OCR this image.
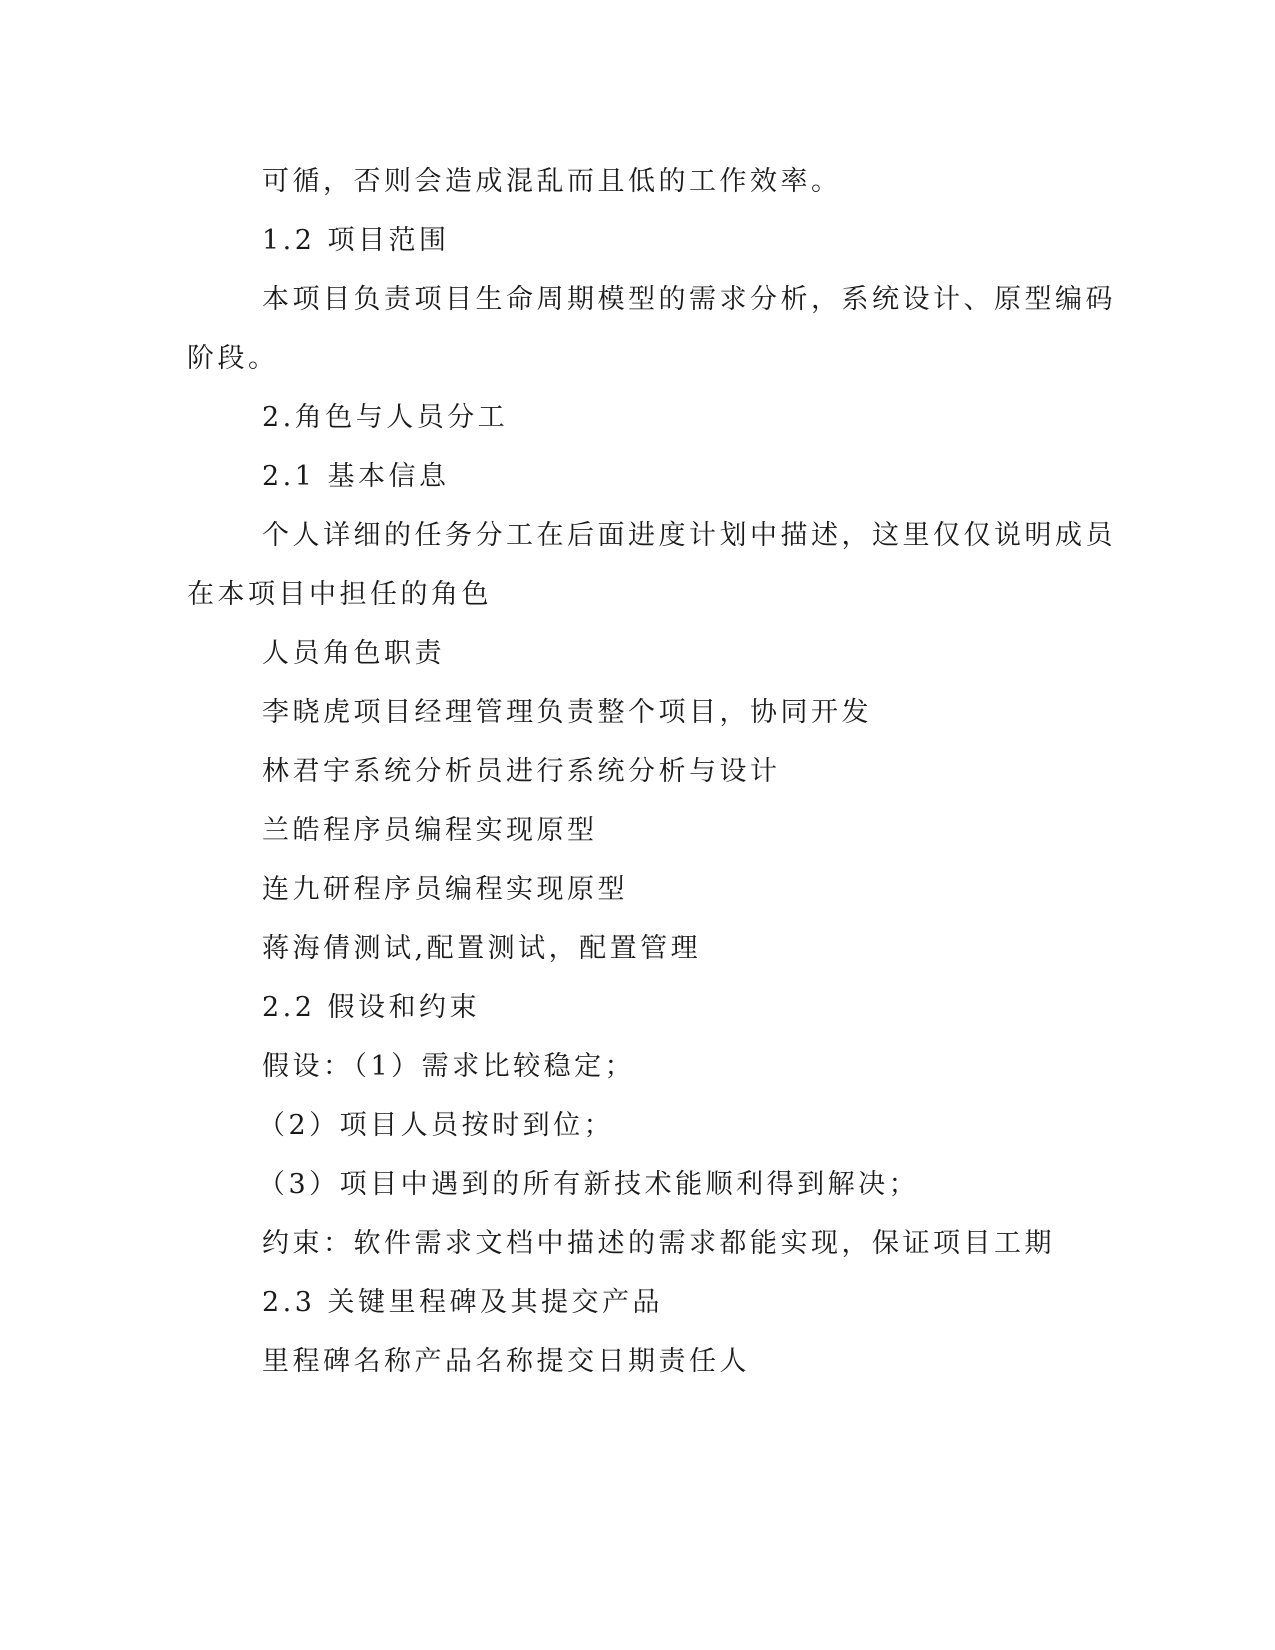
可循，否则会造成混乱而且低的工作效率。
1.2 项目范围
本项目负责项目生命周期模型的需求分析，系统设计、原型编码
阶段。
2.角色与人员分工
2.1 基本信息
个人详细的任务分工在后面进度计划中描述，这里仅仅说明成员
在本项目中担任的角色
人员角色职责
李晓虎项目经理管理负责整个项目，协同开发
林君宇系统分析员进行系统分析与设计
兰皓程序员编程实现原型
连九研程序员编程实现原型
蒋海倩测试,配置测试，配置管理
2.2 假设和约束
假设：（1）需求比较稳定；
（2）项目人员按时到位；
（3）项目中遇到的所有新技术能顺利得到解决；
约束：软件需求文档中描述的需求都能实现，保证项目工期
2.3 关键里程碑及其提交产品
里程碑名称产品名称提交日期责任人
